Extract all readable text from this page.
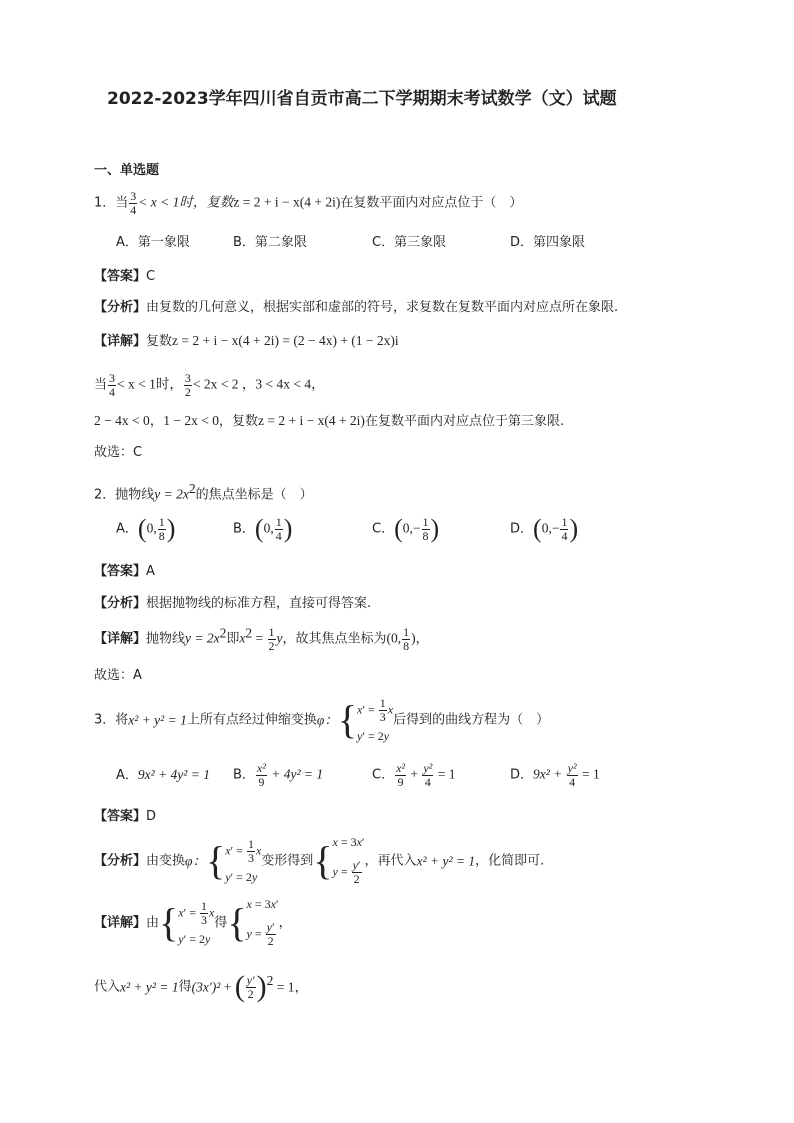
2022-2023学年四川省自贡市高二下学期期末考试数学（文）试题
一、单选题
1．当 $\frac{3}{4} < x < 1$时，复数z = 2 + i − x(4 + 2i)在复数平面内对应点位于（　）
A．第一象限	B．第二象限	C．第三象限	D．第四象限
【答案】C
【分析】由复数的几何意义，根据实部和虚部的符号，求复数在复数平面内对应点所在象限.
【详解】复数z = 2 + i − x(4 + 2i) = (2 − 4x) + (1 − 2x)i
当 $\frac{3}{4} < x < 1$时， $\frac{3}{2} < 2x < 2$ ，3 < 4x < 4，
2 − 4x < 0，1 − 2x < 0，复数z = 2 + i − x(4 + 2i)在复数平面内对应点位于第三象限.
故选：C
2．抛物线$y = 2x^2$的焦点坐标是（　）
A．(0, $\frac{1}{8}$ )	B．(0, $\frac{1}{4}$ )	C．($0,- \frac{1}{8}$ )	D．($0,- \frac{1}{4}$ )
【答案】A
【分析】根据抛物线的标准方程，直接可得答案.
【详解】抛物线$y = 2x^2$即$x^2 = \frac{1}{2}$ y，故其焦点坐标为(0, $\frac{1}{8}$ )，
故选：A
3．将x² + y² = 1上所有点经过伸缩变换φ： { $x' = \frac{1}{3}$ x
y′ = 2y
后得到的曲线方程为（　）
A．9x² + 4y² = 1 B． $\frac{\text{x²}}{9} + 4y^2 = 1$	C． $\frac{\text{x²}}{9} + \frac{\text{y²}}{4} = 1$	D．$9x^2 + \frac{\text{y²}}{4} = 1$
【答案】D
【分析】由变换φ： { $x' = \frac{1}{3}$ x
y′ = 2y
变形得到 { x = 3x′
$y = \frac{y'}{2}$ ，再代入x² + y² = 1，化简即可.
【详解】由 { $x' = \frac{1}{3}$ x
y′ = 2y
得 { x = 3x′
$y = \frac{y'}{2}$ ，
代入x² + y² = 1得(3x′)² + ( $\frac{y'}{2} )^2 = 1$，
